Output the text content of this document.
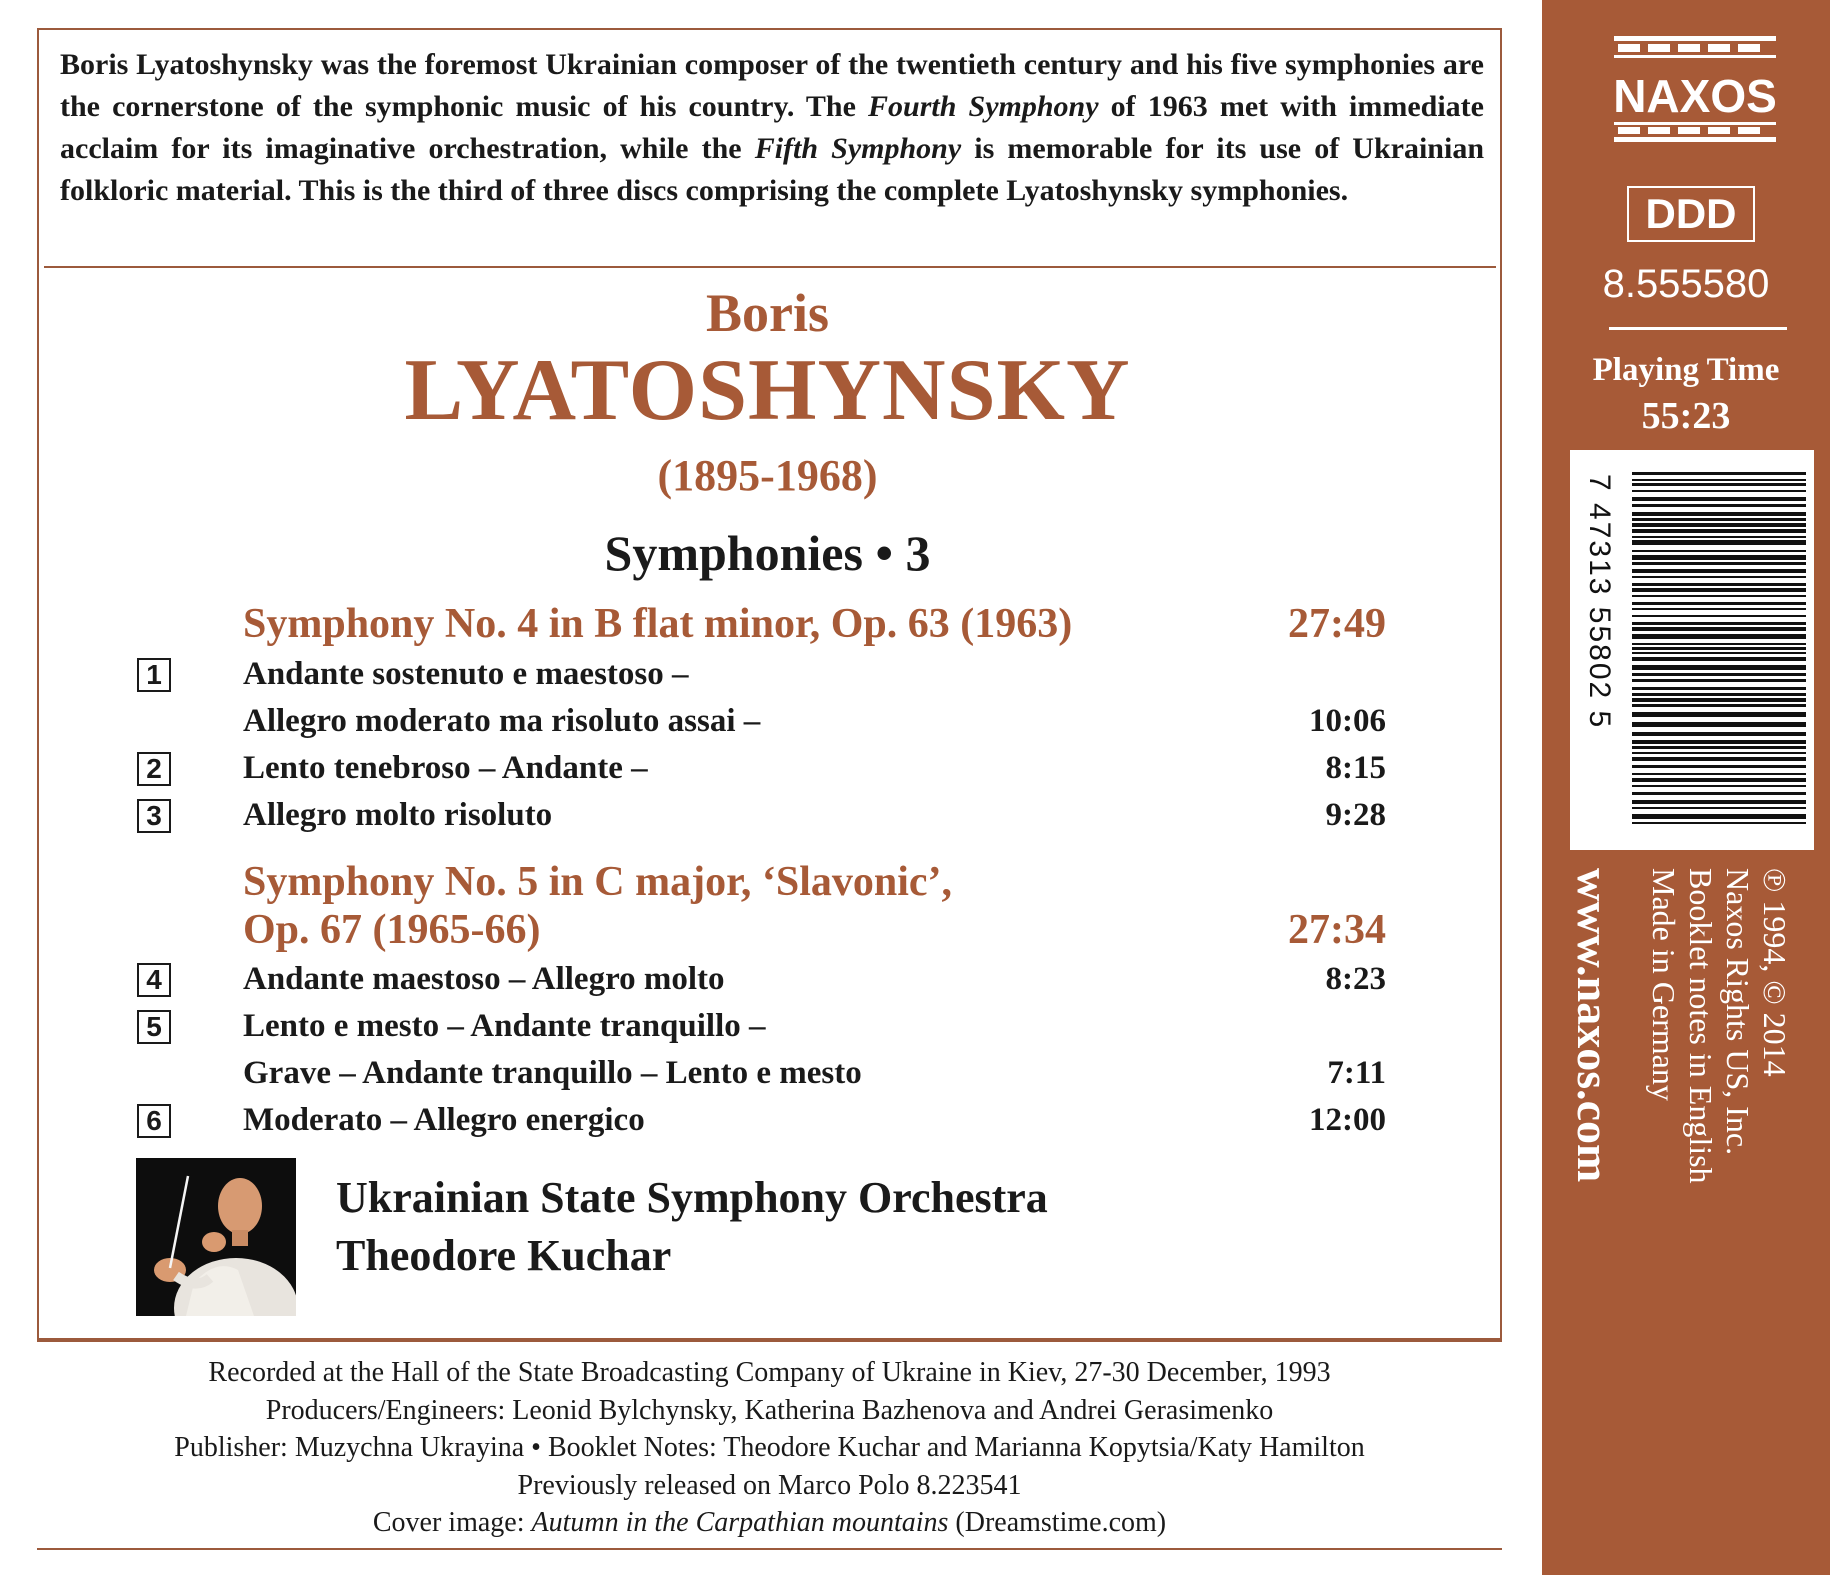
Boris Lyatoshynsky was the foremost Ukrainian composer of the twentieth century and his five symphonies are the cornerstone of the symphonic music of his country. The Fourth Symphony of 1963 met with immediate acclaim for its imaginative orchestration, while the Fifth Symphony is memorable for its use of Ukrainian folkloric material. This is the third of three discs comprising the complete Lyatoshynsky symphonies.
Boris
LYATOSHYNSKY
(1895-1968)
Symphonies • 3
Symphony No. 4 in B flat minor, Op. 63 (1963)	27:49
1 Andante sostenuto e maestoso –
Allegro moderato ma risoluto assai –	10:06
2 Lento tenebroso – Andante –	8:15
3 Allegro molto risoluto	9:28
Symphony No. 5 in C major, ‘Slavonic’,
Op. 67 (1965-66)	27:34
4 Andante maestoso – Allegro molto	8:23
5 Lento e mesto – Andante tranquillo –
Grave – Andante tranquillo – Lento e mesto	7:11
6 Moderato – Allegro energico	12:00
Ukrainian State Symphony Orchestra
Theodore Kuchar
Recorded at the Hall of the State Broadcasting Company of Ukraine in Kiev, 27-30 December, 1993
Producers/Engineers: Leonid Bylchynsky, Katherina Bazhenova and Andrei Gerasimenko
Publisher: Muzychna Ukrayina • Booklet Notes: Theodore Kuchar and Marianna Kopytsia/Katy Hamilton
Previously released on Marco Polo 8.223541
Cover image: Autumn in the Carpathian mountains (Dreamstime.com)
NAXOS
DDD
8.555580
Playing Time
55:23
7 47313 55802 5
www.naxos.com	℗ 1994, © 2014
Naxos Rights US, Inc.
Booklet notes in English
Made in Germany
